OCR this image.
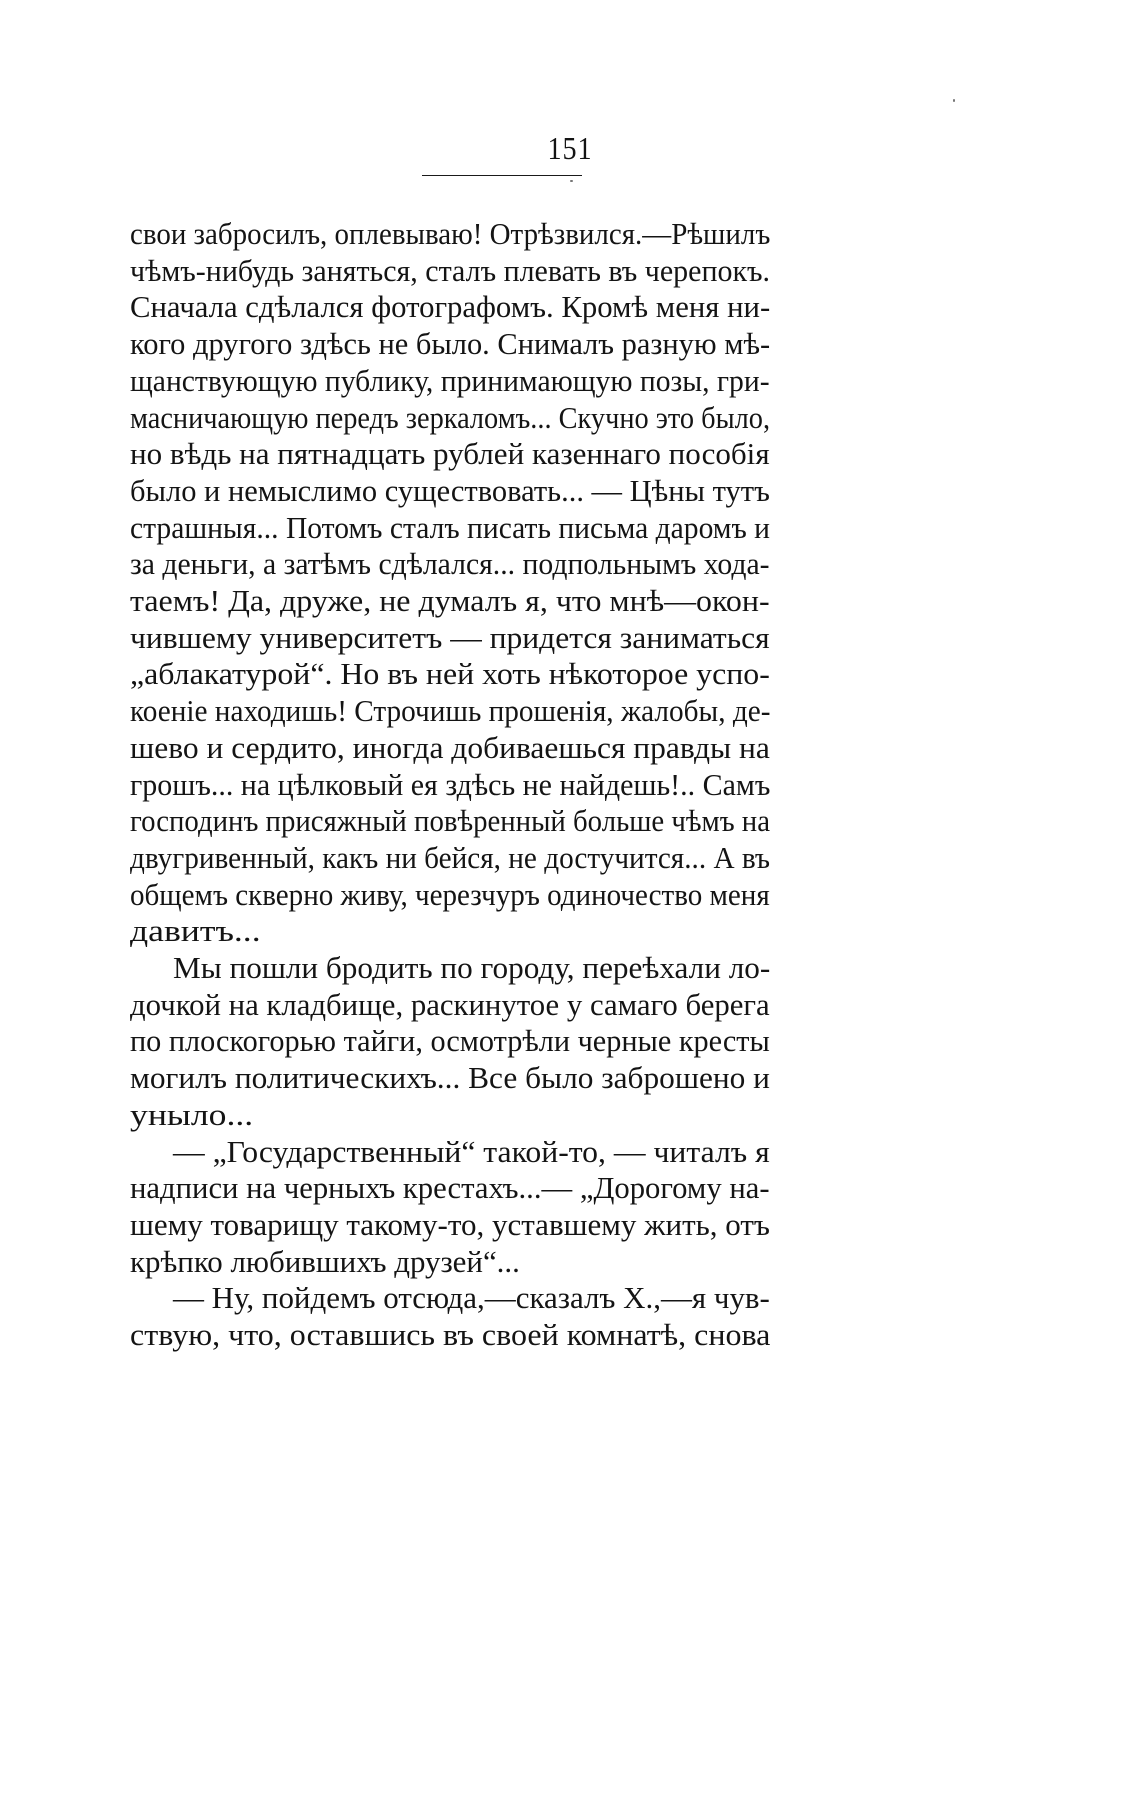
151
свои забросилъ, оплевываю! Отрѣзвился.—Рѣшилъ
чѣмъ-нибудь заняться, сталъ плевать въ черепокъ.
Сначала сдѣлался фотографомъ. Кромѣ меня ни-
кого другого здѣсь не было. Снималъ разную мѣ-
щанствующую публику, принимающую позы, гри-
масничающую передъ зеркаломъ... Скучно это было,
но вѣдь на пятнадцать рублей казеннаго пособія
было и немыслимо существовать... — Цѣны тутъ
страшныя... Потомъ сталъ писать письма даромъ и
за деньги, а затѣмъ сдѣлался... подпольнымъ хода-
таемъ! Да, друже, не думалъ я, что мнѣ—окон-
чившему университетъ — придется заниматься
„аблакатурой“. Но въ ней хоть нѣкоторое успо-
коеніе находишь! Строчишь прошенія, жалобы, де-
шево и сердито, иногда добиваешься правды на
грошъ... на цѣлковый ея здѣсь не найдешь!.. Самъ
господинъ присяжный повѣренный больше чѣмъ на
двугривенный, какъ ни бейся, не достучится... А въ
общемъ скверно живу, черезчуръ одиночество меня
давитъ...
Мы пошли бродить по городу, переѣхали ло-
дочкой на кладбище, раскинутое у самаго берега
по плоскогорью тайги, осмотрѣли черные кресты
могилъ политическихъ... Все было заброшено и
уныло...
— „Государственный“ такой-то, — читалъ я
надписи на черныхъ крестахъ...— „Дорогому на-
шему товарищу такому-то, уставшему жить, отъ
крѣпко любившихъ друзей“...
— Ну, пойдемъ отсюда,—сказалъ X.,—я чув-
ствую, что, оставшись въ своей комнатѣ, снова
